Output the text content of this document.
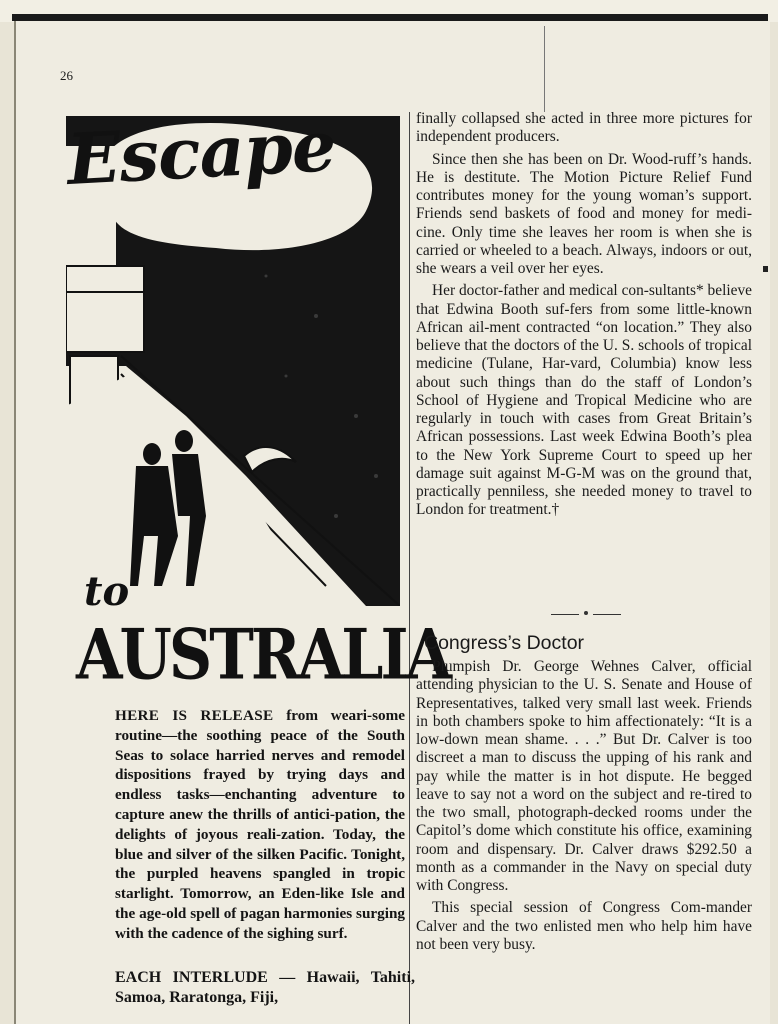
26
Escape
to
AUSTRALIA
HERE IS RELEASE from weari-some routine—the soothing peace of the South Seas to solace harried nerves and remodel dispositions frayed by trying days and endless tasks—enchanting adventure to capture anew the thrills of antici-pation, the delights of joyous reali-zation. Today, the blue and silver of the silken Pacific. Tonight, the purpled heavens spangled in tropic starlight. Tomorrow, an Eden-like Isle and the age-old spell of pagan harmonies surging with the cadence of the sighing surf.
EACH INTERLUDE — Hawaii, Tahiti, Samoa, Raratonga, Fiji,

finally collapsed she acted in three more pictures for independent producers.

Since then she has been on Dr. Wood-ruff’s hands. He is destitute. The Motion Picture Relief Fund contributes money for the young woman’s support. Friends send baskets of food and money for medi-cine. Only time she leaves her room is when she is carried or wheeled to a beach. Always, indoors or out, she wears a veil over her eyes.

Her doctor-father and medical con-sultants* believe that Edwina Booth suf-fers from some little-known African ail-ment contracted “on location.” They also believe that the doctors of the U. S. schools of tropical medicine (Tulane, Har-vard, Columbia) know less about such things than do the staff of London’s School of Hygiene and Tropical Medicine who are regularly in touch with cases from Great Britain’s African possessions. Last week Edwina Booth’s plea to the New York Supreme Court to speed up her damage suit against M-G-M was on the ground that, practically penniless, she needed money to travel to London for treatment.†

Congress’s Doctor

Plumpish Dr. George Wehnes Calver, official attending physician to the U. S. Senate and House of Representatives, talked very small last week. Friends in both chambers spoke to him affectionately: “It is a low-down mean shame. . . .” But Dr. Calver is too discreet a man to discuss the upping of his rank and pay while the matter is in hot dispute. He begged leave to say not a word on the subject and re-tired to the two small, photograph-decked rooms under the Capitol’s dome which constitute his office, examining room and dispensary. Dr. Calver draws $292.50 a month as a commander in the Navy on special duty with Congress.

This special session of Congress Com-mander Calver and the two enlisted men who help him have not been very busy.
